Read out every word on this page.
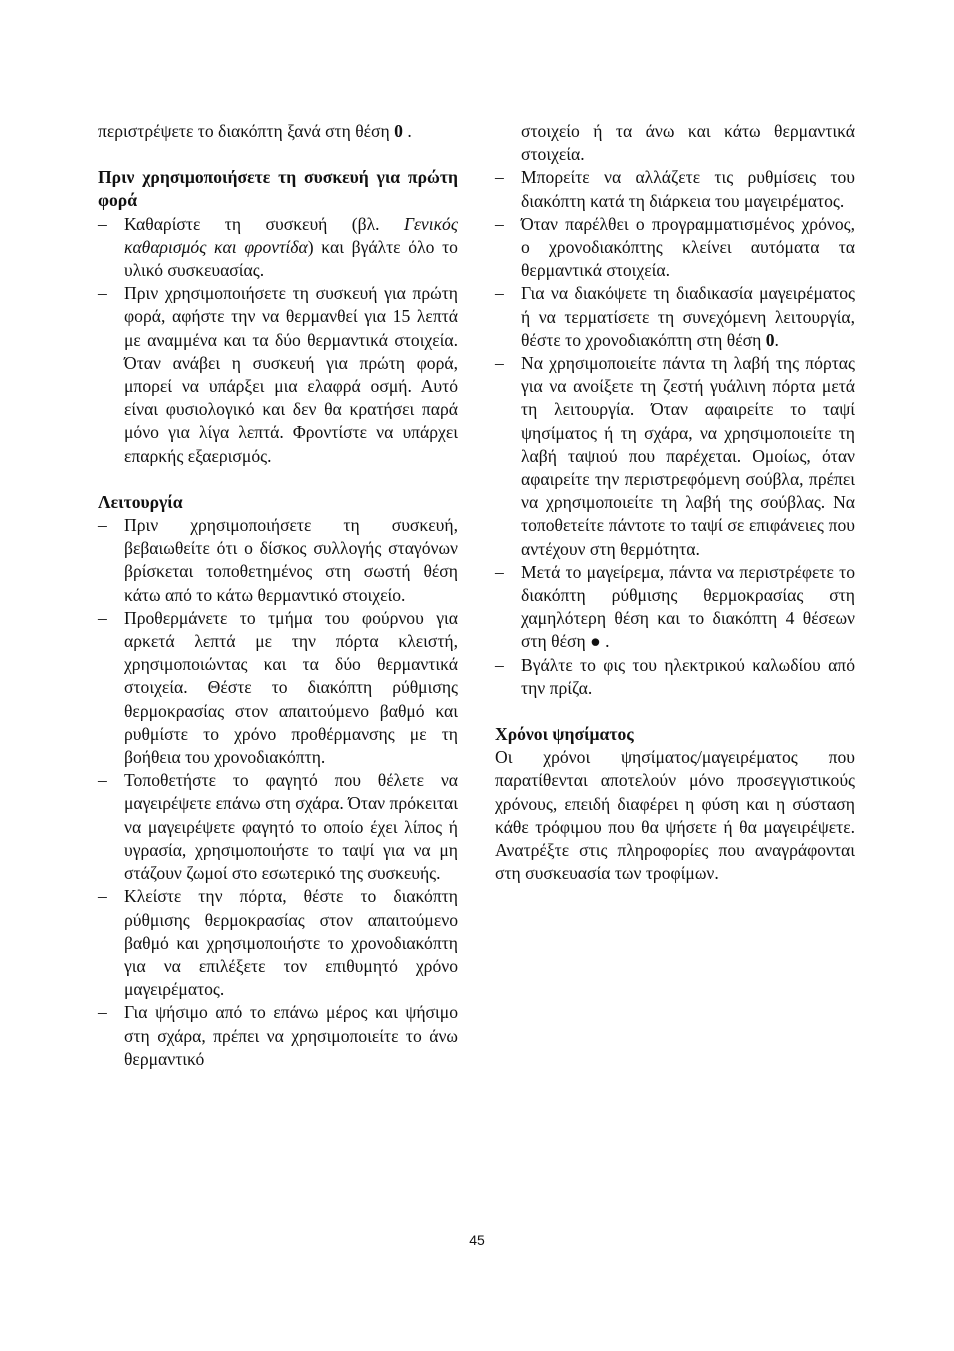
περιστρέψετε το διακόπτη ξανά στη θέση 0 .

Πριν χρησιμοποιήσετε τη συσκευή για πρώτη φορά
– Καθαρίστε τη συσκευή (βλ. Γενικός καθαρισμός και φροντίδα) και βγάλτε όλο το υλικό συσκευασίας.
– Πριν χρησιμοποιήσετε τη συσκευή για πρώτη φορά, αφήστε την να θερμανθεί για 15 λεπτά με αναμμένα και τα δύο θερμαντικά στοιχεία. Όταν ανάβει η συσκευή για πρώτη φορά, μπορεί να υπάρξει μια ελαφρά οσμή. Αυτό είναι φυσιολογικό και δεν θα κρατήσει παρά μόνο για λίγα λεπτά. Φροντίστε να υπάρχει επαρκής εξαερισμός.
Λειτουργία
– Πριν χρησιμοποιήσετε τη συσκευή, βεβαιωθείτε ότι ο δίσκος συλλογής σταγόνων βρίσκεται τοποθετημένος στη σωστή θέση κάτω από το κάτω θερμαντικό στοιχείο.
– Προθερμάνετε το τμήμα του φούρνου για αρκετά λεπτά με την πόρτα κλειστή, χρησιμοποιώντας και τα δύο θερμαντικά στοιχεία. Θέστε το διακόπτη ρύθμισης θερμοκρασίας στον απαιτούμενο βαθμό και ρυθμίστε το χρόνο προθέρμανσης με τη βοήθεια του χρονοδιακόπτη.
– Τοποθετήστε το φαγητό που θέλετε να μαγειρέψετε επάνω στη σχάρα. Όταν πρόκειται να μαγειρέψετε φαγητό το οποίο έχει λίπος ή υγρασία, χρησιμοποιήστε το ταψί για να μη στάζουν ζωμοί στο εσωτερικό της συσκευής.
– Κλείστε την πόρτα, θέστε το διακόπτη ρύθμισης θερμοκρασίας στον απαιτούμενο βαθμό και χρησιμοποιήστε το χρονοδιακόπτη για να επιλέξετε τον επιθυμητό χρόνο μαγειρέματος.
– Για ψήσιμο από το επάνω μέρος και ψήσιμο στη σχάρα, πρέπει να χρησιμοποιείτε το άνω θερμαντικό
στοιχείο ή τα άνω και κάτω θερμαντικά στοιχεία.
– Μπορείτε να αλλάζετε τις ρυθμίσεις του διακόπτη κατά τη διάρκεια του μαγειρέματος.
– Όταν παρέλθει ο προγραμματισμένος χρόνος, ο χρονοδιακόπτης κλείνει αυτόματα τα θερμαντικά στοιχεία.
– Για να διακόψετε τη διαδικασία μαγειρέματος ή να τερματίσετε τη συνεχόμενη λειτουργία, θέστε το χρονοδιακόπτη στη θέση 0.
– Να χρησιμοποιείτε πάντα τη λαβή της πόρτας για να ανοίξετε τη ζεστή γυάλινη πόρτα μετά τη λειτουργία. Όταν αφαιρείτε το ταψί ψησίματος ή τη σχάρα, να χρησιμοποιείτε τη λαβή ταψιού που παρέχεται. Ομοίως, όταν αφαιρείτε την περιστρεφόμενη σούβλα, πρέπει να χρησιμοποιείτε τη λαβή της σούβλας. Να τοποθετείτε πάντοτε το ταψί σε επιφάνειες που αντέχουν στη θερμότητα.
– Μετά το μαγείρεμα, πάντα να περιστρέφετε το διακόπτη ρύθμισης θερμοκρασίας στη χαμηλότερη θέση και το διακόπτη 4 θέσεων στη θέση ● .
– Βγάλτε το φις του ηλεκτρικού καλωδίου από την πρίζα.
Χρόνοι ψησίματος

Οι χρόνοι ψησίματος/μαγειρέματος που παρατίθενται αποτελούν μόνο προσεγγιστικούς χρόνους, επειδή διαφέρει η φύση και η σύσταση κάθε τρόφιμου που θα ψήσετε ή θα μαγειρέψετε. Ανατρέξτε στις πληροφορίες που αναγράφονται στη συσκευασία των τροφίμων.

45
